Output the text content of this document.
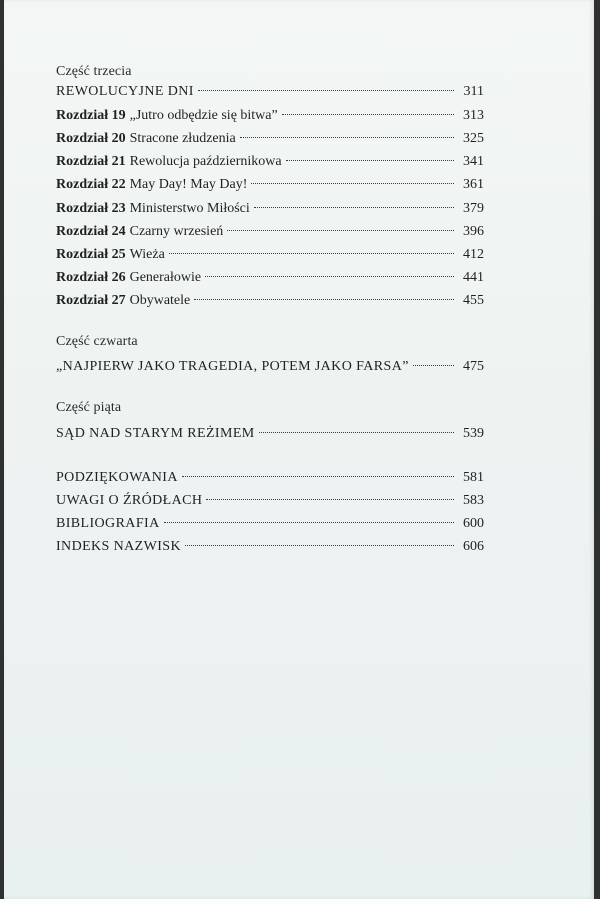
Część trzecia
REWOLUCYJNE DNI	311
Rozdział 19 „Jutro odbędzie się bitwa”	313
Rozdział 20 Stracone złudzenia	325
Rozdział 21 Rewolucja październikowa	341
Rozdział 22 May Day! May Day!	361
Rozdział 23 Ministerstwo Miłości	379
Rozdział 24 Czarny wrzesień	396
Rozdział 25 Wieża	412
Rozdział 26 Generałowie	441
Rozdział 27 Obywatele	455
Część czwarta
„NAJPIERW JAKO TRAGEDIA, POTEM JAKO FARSA”	475
Część piąta
SĄD NAD STARYM REŻIMEM	539
PODZIĘKOWANIA	581
UWAGI O ŹRÓDŁACH	583
BIBLIOGRAFIA	600
INDEKS NAZWISK	606
